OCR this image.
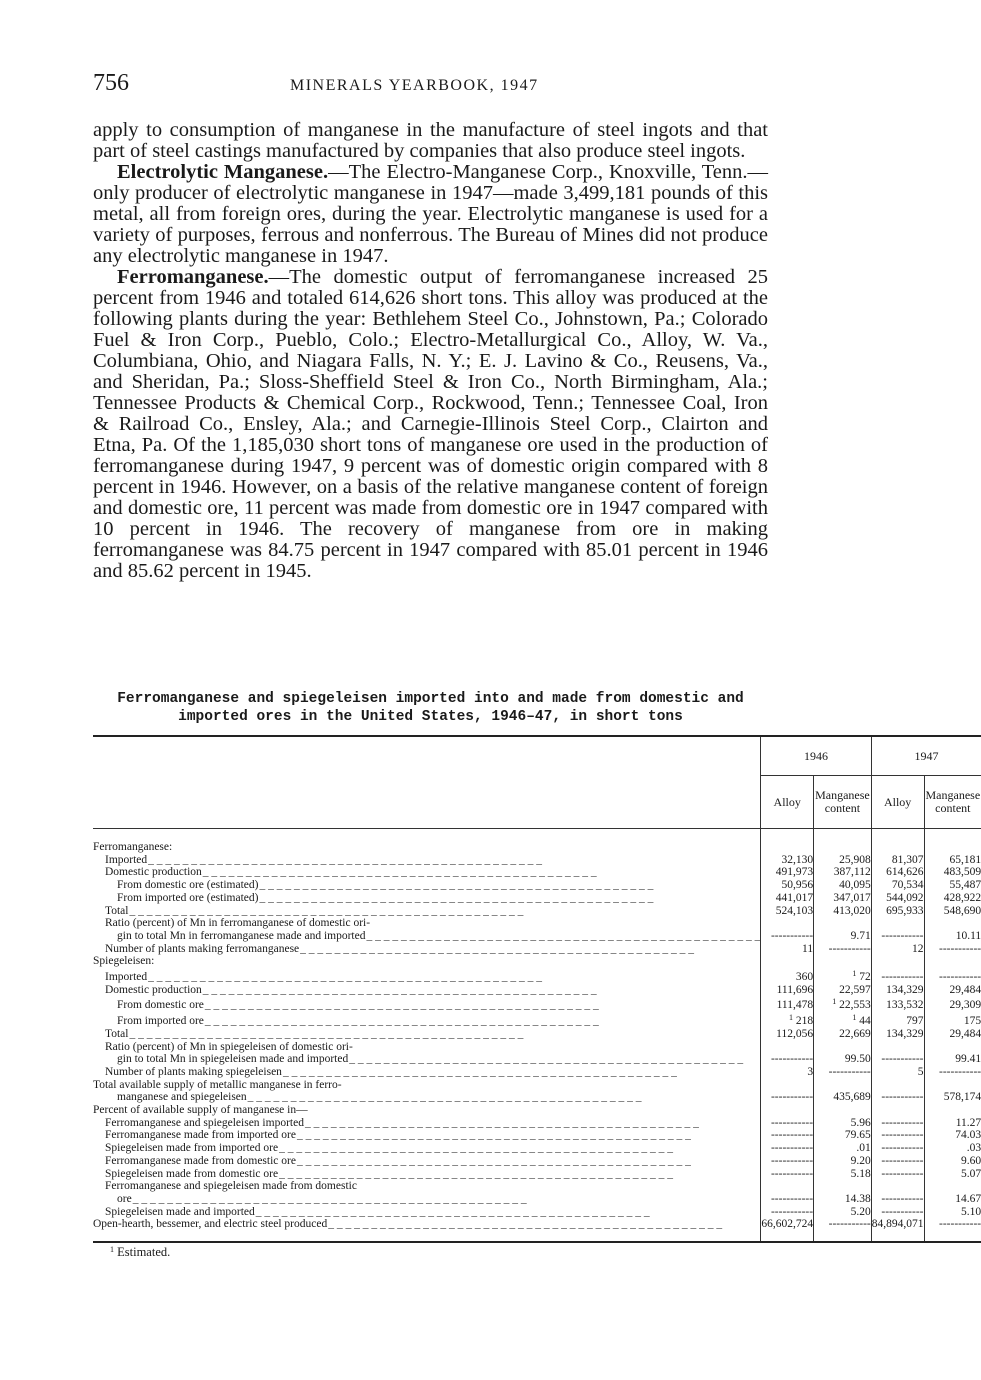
756	MINERALS YEARBOOK, 1947

apply to consumption of manganese in the manufacture of steel ingots and that part of steel castings manufactured by companies that also produce steel ingots.

Electrolytic Manganese.—The Electro-Manganese Corp., Knoxville, Tenn.—only producer of electrolytic manganese in 1947—made 3,499,181 pounds of this metal, all from foreign ores, during the year. Electrolytic manganese is used for a variety of purposes, ferrous and nonferrous. The Bureau of Mines did not produce any electrolytic manganese in 1947.

Ferromanganese.—The domestic output of ferromanganese increased 25 percent from 1946 and totaled 614,626 short tons. This alloy was produced at the following plants during the year: Bethlehem Steel Co., Johnstown, Pa.; Colorado Fuel & Iron Corp., Pueblo, Colo.; Electro-Metallurgical Co., Alloy, W. Va., Columbiana, Ohio, and Niagara Falls, N. Y.; E. J. Lavino & Co., Reusens, Va., and Sheridan, Pa.; Sloss-Sheffield Steel & Iron Co., North Birmingham, Ala.; Tennessee Products & Chemical Corp., Rockwood, Tenn.; Tennessee Coal, Iron & Railroad Co., Ensley, Ala.; and Carnegie-Illinois Steel Corp., Clairton and Etna, Pa. Of the 1,185,030 short tons of manganese ore used in the production of ferromanganese during 1947, 9 percent was of domestic origin compared with 8 percent in 1946. However, on a basis of the relative manganese content of foreign and domestic ore, 11 percent was made from domestic ore in 1947 compared with 10 percent in 1946. The recovery of manganese from ore in making ferromanganese was 84.75 percent in 1947 compared with 85.01 percent in 1946 and 85.62 percent in 1945.

Ferromanganese and spiegeleisen imported into and made from domestic and
imported ores in the United States, 1946–47, in short tons
	1946		1947	
	Alloy	Manganese content	Alloy	Manganese content
Ferromanganese:				
Imported_ _ _ _ _ _ _ _ _ _ _ _ _ _ _ _ _ _ _ _ _ _ _ _ _ _ _ _ _ _ _ _ _ _ _ _ _ _ _ _ _ _ _ _ _ _	32,130	25,908	81,307	65,181
Domestic production_ _ _ _ _ _ _ _ _ _ _ _ _ _ _ _ _ _ _ _ _ _ _ _ _ _ _ _ _ _ _ _ _ _ _ _ _ _ _ _ _ _ _ _ _ _	491,973	387,112	614,626	483,509
From domestic ore (estimated)_ _ _ _ _ _ _ _ _ _ _ _ _ _ _ _ _ _ _ _ _ _ _ _ _ _ _ _ _ _ _ _ _ _ _ _ _ _ _ _ _ _ _ _ _ _	50,956	40,095	70,534	55,487
From imported ore (estimated)_ _ _ _ _ _ _ _ _ _ _ _ _ _ _ _ _ _ _ _ _ _ _ _ _ _ _ _ _ _ _ _ _ _ _ _ _ _ _ _ _ _ _ _ _ _	441,017	347,017	544,092	428,922
Total_ _ _ _ _ _ _ _ _ _ _ _ _ _ _ _ _ _ _ _ _ _ _ _ _ _ _ _ _ _ _ _ _ _ _ _ _ _ _ _ _ _ _ _ _ _	524,103	413,020	695,933	548,690
Ratio (percent) of Mn in ferromanganese of domestic ori-				
gin to total Mn in ferromanganese made and imported_ _ _ _ _ _ _ _ _ _ _ _ _ _ _ _ _ _ _ _ _ _ _ _ _ _ _ _ _ _ _ _ _ _ _ _ _ _ _ _ _ _ _ _ _ _	-----------	9.71	-----------	10.11
Number of plants making ferromanganese_ _ _ _ _ _ _ _ _ _ _ _ _ _ _ _ _ _ _ _ _ _ _ _ _ _ _ _ _ _ _ _ _ _ _ _ _ _ _ _ _ _ _ _ _ _	11	-----------	12	-----------
Spiegeleisen:				
Imported_ _ _ _ _ _ _ _ _ _ _ _ _ _ _ _ _ _ _ _ _ _ _ _ _ _ _ _ _ _ _ _ _ _ _ _ _ _ _ _ _ _ _ _ _ _	360	$^1$ 72	-----------	-----------
Domestic production_ _ _ _ _ _ _ _ _ _ _ _ _ _ _ _ _ _ _ _ _ _ _ _ _ _ _ _ _ _ _ _ _ _ _ _ _ _ _ _ _ _ _ _ _ _	111,696	22,597	134,329	29,484
From domestic ore_ _ _ _ _ _ _ _ _ _ _ _ _ _ _ _ _ _ _ _ _ _ _ _ _ _ _ _ _ _ _ _ _ _ _ _ _ _ _ _ _ _ _ _ _ _	111,478	$^1$ 22,553	133,532	29,309
From imported ore_ _ _ _ _ _ _ _ _ _ _ _ _ _ _ _ _ _ _ _ _ _ _ _ _ _ _ _ _ _ _ _ _ _ _ _ _ _ _ _ _ _ _ _ _ _	$^1$ 218	$^1$ 44	797	175
Total_ _ _ _ _ _ _ _ _ _ _ _ _ _ _ _ _ _ _ _ _ _ _ _ _ _ _ _ _ _ _ _ _ _ _ _ _ _ _ _ _ _ _ _ _ _	112,056	22,669	134,329	29,484
Ratio (percent) of Mn in spiegeleisen of domestic ori-				
gin to total Mn in spiegeleisen made and imported_ _ _ _ _ _ _ _ _ _ _ _ _ _ _ _ _ _ _ _ _ _ _ _ _ _ _ _ _ _ _ _ _ _ _ _ _ _ _ _ _ _ _ _ _ _	-----------	99.50	-----------	99.41
Number of plants making spiegeleisen_ _ _ _ _ _ _ _ _ _ _ _ _ _ _ _ _ _ _ _ _ _ _ _ _ _ _ _ _ _ _ _ _ _ _ _ _ _ _ _ _ _ _ _ _ _	3	-----------	5	-----------
Total available supply of metallic manganese in ferro-				
manganese and spiegeleisen_ _ _ _ _ _ _ _ _ _ _ _ _ _ _ _ _ _ _ _ _ _ _ _ _ _ _ _ _ _ _ _ _ _ _ _ _ _ _ _ _ _ _ _ _ _	-----------	435,689	-----------	578,174
Percent of available supply of manganese in—				
Ferromanganese and spiegeleisen imported_ _ _ _ _ _ _ _ _ _ _ _ _ _ _ _ _ _ _ _ _ _ _ _ _ _ _ _ _ _ _ _ _ _ _ _ _ _ _ _ _ _ _ _ _ _	-----------	5.96	-----------	11.27
Ferromanganese made from imported ore_ _ _ _ _ _ _ _ _ _ _ _ _ _ _ _ _ _ _ _ _ _ _ _ _ _ _ _ _ _ _ _ _ _ _ _ _ _ _ _ _ _ _ _ _ _	-----------	79.65	-----------	74.03
Spiegeleisen made from imported ore_ _ _ _ _ _ _ _ _ _ _ _ _ _ _ _ _ _ _ _ _ _ _ _ _ _ _ _ _ _ _ _ _ _ _ _ _ _ _ _ _ _ _ _ _ _	-----------	.01	-----------	.03
Ferromanganese made from domestic ore_ _ _ _ _ _ _ _ _ _ _ _ _ _ _ _ _ _ _ _ _ _ _ _ _ _ _ _ _ _ _ _ _ _ _ _ _ _ _ _ _ _ _ _ _ _	-----------	9.20	-----------	9.60
Spiegeleisen made from domestic ore_ _ _ _ _ _ _ _ _ _ _ _ _ _ _ _ _ _ _ _ _ _ _ _ _ _ _ _ _ _ _ _ _ _ _ _ _ _ _ _ _ _ _ _ _ _	-----------	5.18	-----------	5.07
Ferromanganese and spiegeleisen made from domestic				
ore_ _ _ _ _ _ _ _ _ _ _ _ _ _ _ _ _ _ _ _ _ _ _ _ _ _ _ _ _ _ _ _ _ _ _ _ _ _ _ _ _ _ _ _ _ _	-----------	14.38	-----------	14.67
Spiegeleisen made and imported_ _ _ _ _ _ _ _ _ _ _ _ _ _ _ _ _ _ _ _ _ _ _ _ _ _ _ _ _ _ _ _ _ _ _ _ _ _ _ _ _ _ _ _ _ _	-----------	5.20	-----------	5.10
Open-hearth, bessemer, and electric steel produced_ _ _ _ _ _ _ _ _ _ _ _ _ _ _ _ _ _ _ _ _ _ _ _ _ _ _ _ _ _ _ _ _ _ _ _ _ _ _ _ _ _ _ _ _ _	66,602,724	-----------	84,894,071	-----------
$^1$ Estimated.
